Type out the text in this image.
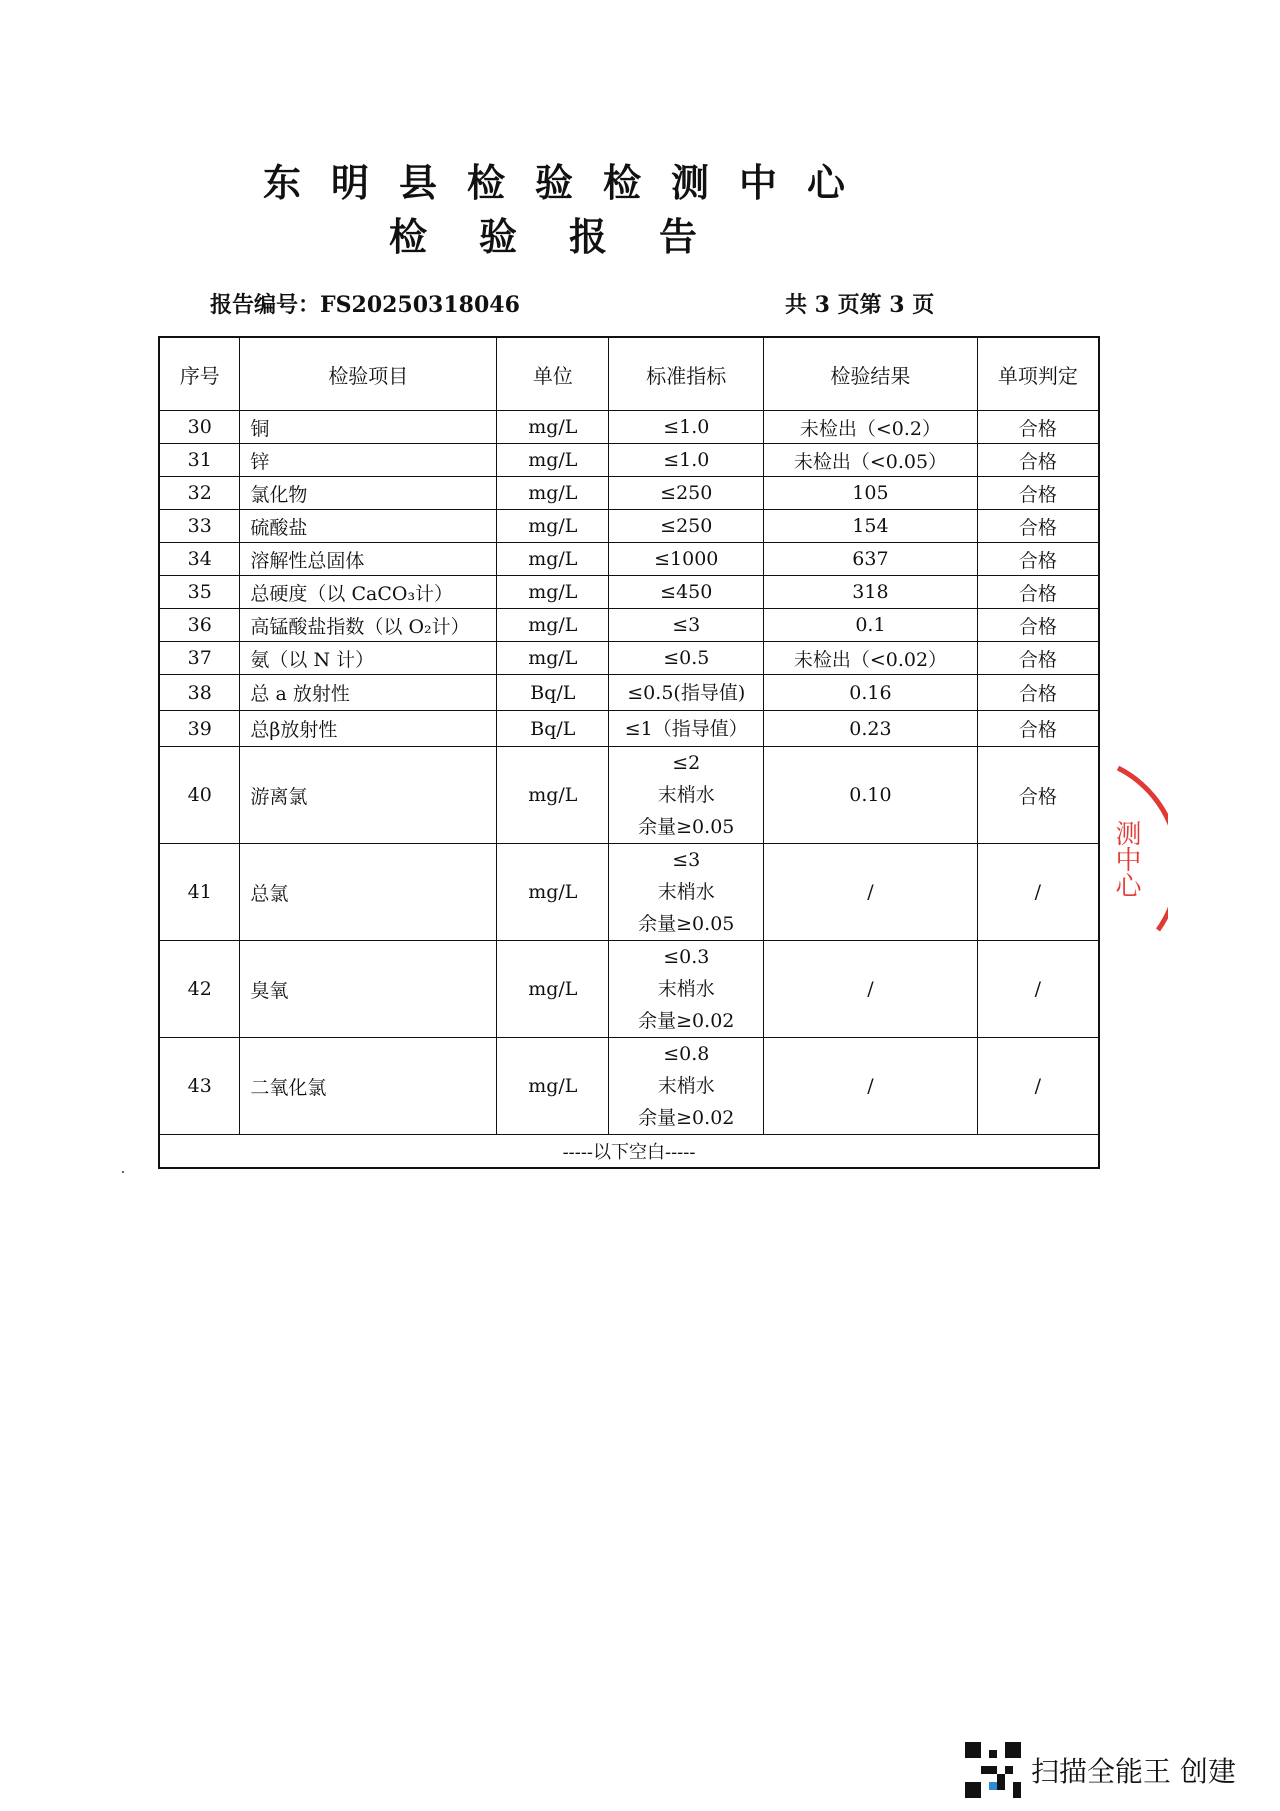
东明县检验检测中心
检验报告
报告编号：FS20250318046	共 3 页第 3 页
序号	检验项目	单位	标准指标	检验结果	单项判定
30	铜	mg/L	≤1.0	未检出（<0.2）	合格
31	锌	mg/L	≤1.0	未检出（<0.05）	合格
32	氯化物	mg/L	≤250	105	合格
33	硫酸盐	mg/L	≤250	154	合格
34	溶解性总固体	mg/L	≤1000	637	合格
35	总硬度（以 CaCO₃计）	mg/L	≤450	318	合格
36	高锰酸盐指数（以 O₂计）	mg/L	≤3	0.1	合格
37	氨（以 N 计）	mg/L	≤0.5	未检出（<0.02）	合格
38	总 a 放射性	Bq/L	≤0.5(指导值)	0.16	合格
39	总β放射性	Bq/L	≤1（指导值）	0.23	合格
40	游离氯	mg/L	≤2
末梢水
余量≥0.05	0.10	合格
41	总氯	mg/L	≤3
末梢水
余量≥0.05	/	/
42	臭氧	mg/L	≤0.3
末梢水
余量≥0.02	/	/
43	二氧化氯	mg/L	≤0.8
末梢水
余量≥0.02	/	/
-----以下空白-----					
测中心
扫描全能王 创建
